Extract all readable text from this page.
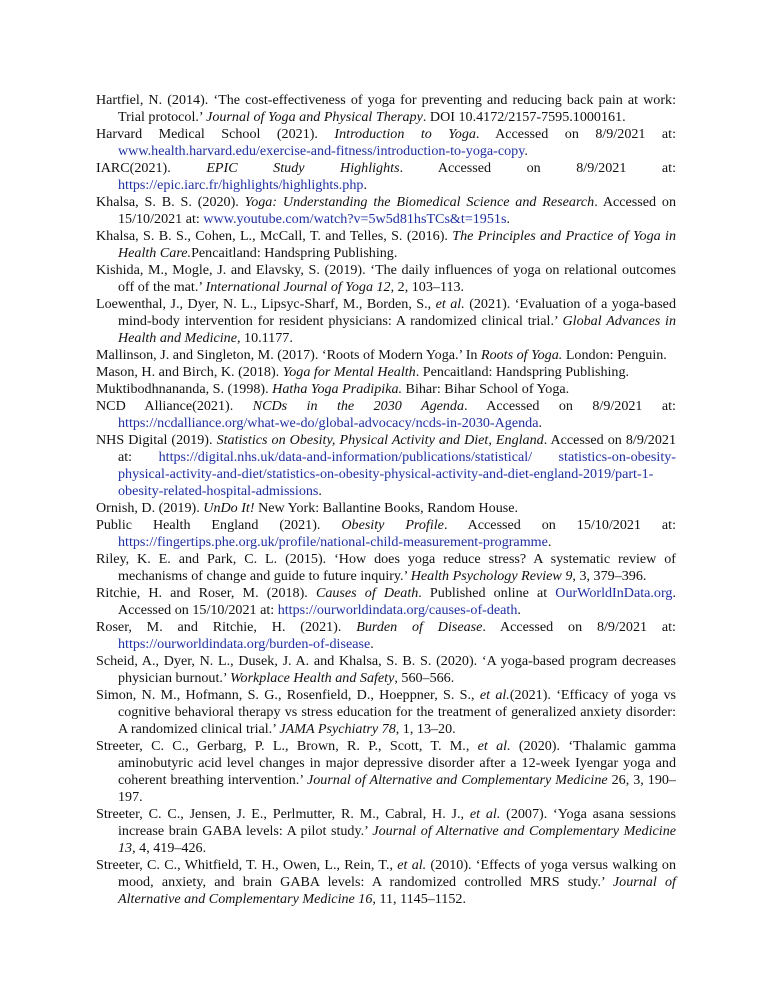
Hartfiel, N. (2014). ‘The cost-effectiveness of yoga for preventing and reducing back pain at work: Trial protocol.’ Journal of Yoga and Physical Therapy. DOI 10.4172/2157-7595.1000161.
Harvard Medical School (2021). Introduction to Yoga. Accessed on 8/9/2021 at: www.health.harvard.edu/exercise-and-fitness/introduction-to-yoga-copy.
IARC(2021). EPIC Study Highlights. Accessed on 8/9/2021 at: https://epic.iarc.fr/highlights/highlights.php.
Khalsa, S. B. S. (2020). Yoga: Understanding the Biomedical Science and Research. Accessed on 15/10/2021 at: www.youtube.com/watch?v=5w5d81hsTCs&t=1951s.
Khalsa, S. B. S., Cohen, L., McCall, T. and Telles, S. (2016). The Principles and Practice of Yoga in Health Care.Pencaitland: Handspring Publishing.
Kishida, M., Mogle, J. and Elavsky, S. (2019). ‘The daily influences of yoga on relational outcomes off of the mat.’ International Journal of Yoga 12, 2, 103–113.
Loewenthal, J., Dyer, N. L., Lipsyc-Sharf, M., Borden, S., et al. (2021). ‘Evaluation of a yoga-based mind-body intervention for resident physicians: A randomized clinical trial.’ Global Advances in Health and Medicine, 10.1177.
Mallinson, J. and Singleton, M. (2017). ‘Roots of Modern Yoga.’ In Roots of Yoga. London: Penguin.
Mason, H. and Birch, K. (2018). Yoga for Mental Health. Pencaitland: Handspring Publishing.
Muktibodhnananda, S. (1998). Hatha Yoga Pradipika. Bihar: Bihar School of Yoga.
NCD Alliance(2021). NCDs in the 2030 Agenda. Accessed on 8/9/2021 at: https://ncdalliance.org/what-we-do/global-advocacy/ncds-in-2030-Agenda.
NHS Digital (2019). Statistics on Obesity, Physical Activity and Diet, England. Accessed on 8/9/2021 at: https://digital.nhs.uk/data-and-information/publications/statistical/ statistics-on-obesity-physical-activity-and-diet/statistics-on-obesity-physical-activity-and-diet-england-2019/part-1-obesity-related-hospital-admissions.
Ornish, D. (2019). UnDo It! New York: Ballantine Books, Random House.
Public Health England (2021). Obesity Profile. Accessed on 15/10/2021 at: https://fingertips.phe.org.uk/profile/national-child-measurement-programme.
Riley, K. E. and Park, C. L. (2015). ‘How does yoga reduce stress? A systematic review of mechanisms of change and guide to future inquiry.’ Health Psychology Review 9, 3, 379–396.
Ritchie, H. and Roser, M. (2018). Causes of Death. Published online at OurWorldInData.org. Accessed on 15/10/2021 at: https://ourworldindata.org/causes-of-death.
Roser, M. and Ritchie, H. (2021). Burden of Disease. Accessed on 8/9/2021 at: https://ourworldindata.org/burden-of-disease.
Scheid, A., Dyer, N. L., Dusek, J. A. and Khalsa, S. B. S. (2020). ‘A yoga-based program decreases physician burnout.’ Workplace Health and Safety, 560–566.
Simon, N. M., Hofmann, S. G., Rosenfield, D., Hoeppner, S. S., et al.(2021). ‘Efficacy of yoga vs cognitive behavioral therapy vs stress education for the treatment of generalized anxiety disorder: A randomized clinical trial.’ JAMA Psychiatry 78, 1, 13–20.
Streeter, C. C., Gerbarg, P. L., Brown, R. P., Scott, T. M., et al. (2020). ‘Thalamic gamma aminobutyric acid level changes in major depressive disorder after a 12-week Iyengar yoga and coherent breathing intervention.’ Journal of Alternative and Complementary Medicine 26, 3, 190–197.
Streeter, C. C., Jensen, J. E., Perlmutter, R. M., Cabral, H. J., et al. (2007). ‘Yoga asana sessions increase brain GABA levels: A pilot study.’ Journal of Alternative and Complementary Medicine 13, 4, 419–426.
Streeter, C. C., Whitfield, T. H., Owen, L., Rein, T., et al. (2010). ‘Effects of yoga versus walking on mood, anxiety, and brain GABA levels: A randomized controlled MRS study.’ Journal of Alternative and Complementary Medicine 16, 11, 1145–1152.
